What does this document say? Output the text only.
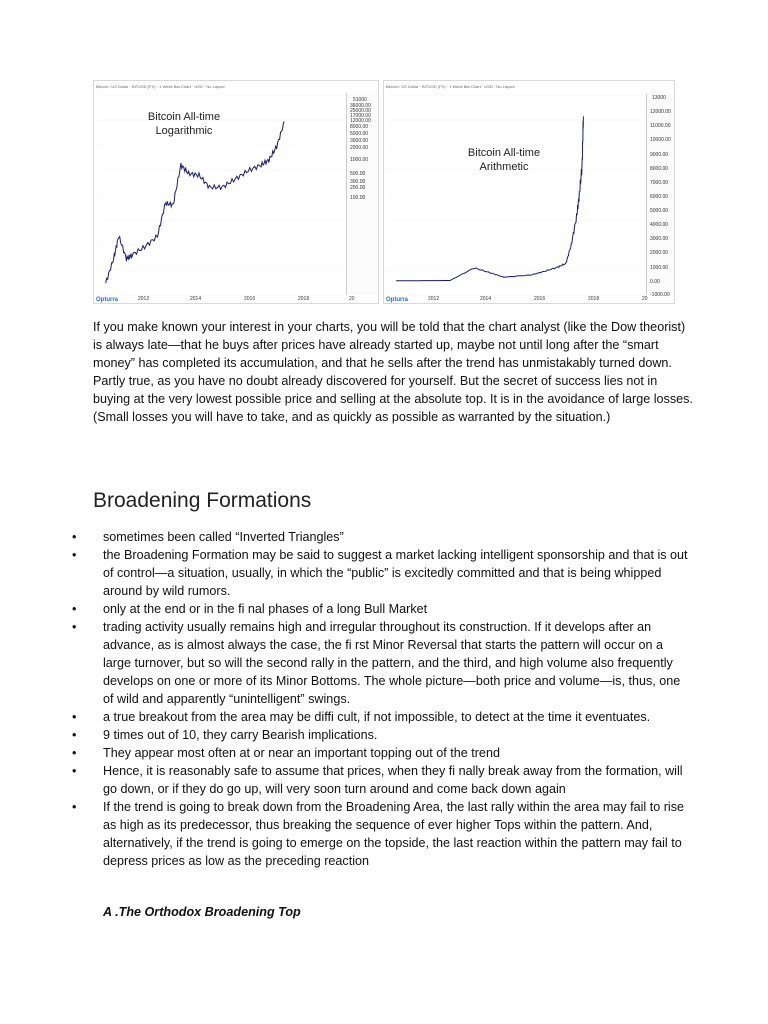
Bitcoin / US Dollar · BITUSD (FX) · 1 Week Bar Chart · USD · No Layout
Bitcoin All-time
Logarithmic
51000
36000.00
25000.00
17000.00
12000.00
8000.00
5000.00
3000.00
2000.00
1000.00
500.00
300.00
200.00
100.00
2012	2014	2016	2018	20
Opturra
Bitcoin / US Dollar · BITUSD (FX) · 1 Week Bar Chart · USD · No Layout
Bitcoin All-time
Arithmetic
13000
12000.00
11000.00
10000.00
9000.00
8000.00
7000.00
6000.00
5000.00
4000.00
3000.00
2000.00
1000.00
0.00
-1000.00
2012	2014	2016	2018	20
Opturra

If you make known your interest in your charts, you will be told that the chart analyst (like the Dow theorist) is always late—that he buys after prices have already started up, maybe not until long after the “smart money” has completed its accumulation, and that he sells after the trend has unmistakably turned down. Partly true, as you have no doubt already discovered for yourself. But the secret of success lies not in buying at the very lowest possible price and selling at the absolute top. It is in the avoidance of large losses. (Small losses you will have to take, and as quickly as possible as warranted by the situation.)

Broadening Formations
• sometimes been called “Inverted Triangles”
• the Broadening Formation may be said to suggest a market lacking intelligent sponsorship and that is out of control—a situation, usually, in which the “public” is excitedly committed and that is being whipped around by wild rumors.
• only at the end or in the fi nal phases of a long Bull Market
• trading activity usually remains high and irregular throughout its construction. If it develops after an advance, as is almost always the case, the fi rst Minor Reversal that starts the pattern will occur on a large turnover, but so will the second rally in the pattern, and the third, and high volume also frequently develops on one or more of its Minor Bottoms. The whole picture—both price and volume—is, thus, one of wild and apparently “unintelligent” swings.
• a true breakout from the area may be diffi cult, if not impossible, to detect at the time it eventuates.
• 9 times out of 10, they carry Bearish implications.
• They appear most often at or near an important topping out of the trend
• Hence, it is reasonably safe to assume that prices, when they fi nally break away from the formation, will go down, or if they do go up, will very soon turn around and come back down again
• If the trend is going to break down from the Broadening Area, the last rally within the area may fail to rise as high as its predecessor, thus breaking the sequence of ever higher Tops within the pattern. And, alternatively, if the trend is going to emerge on the topside, the last reaction within the pattern may fail to depress prices as low as the preceding reaction
A .The Orthodox Broadening Top
